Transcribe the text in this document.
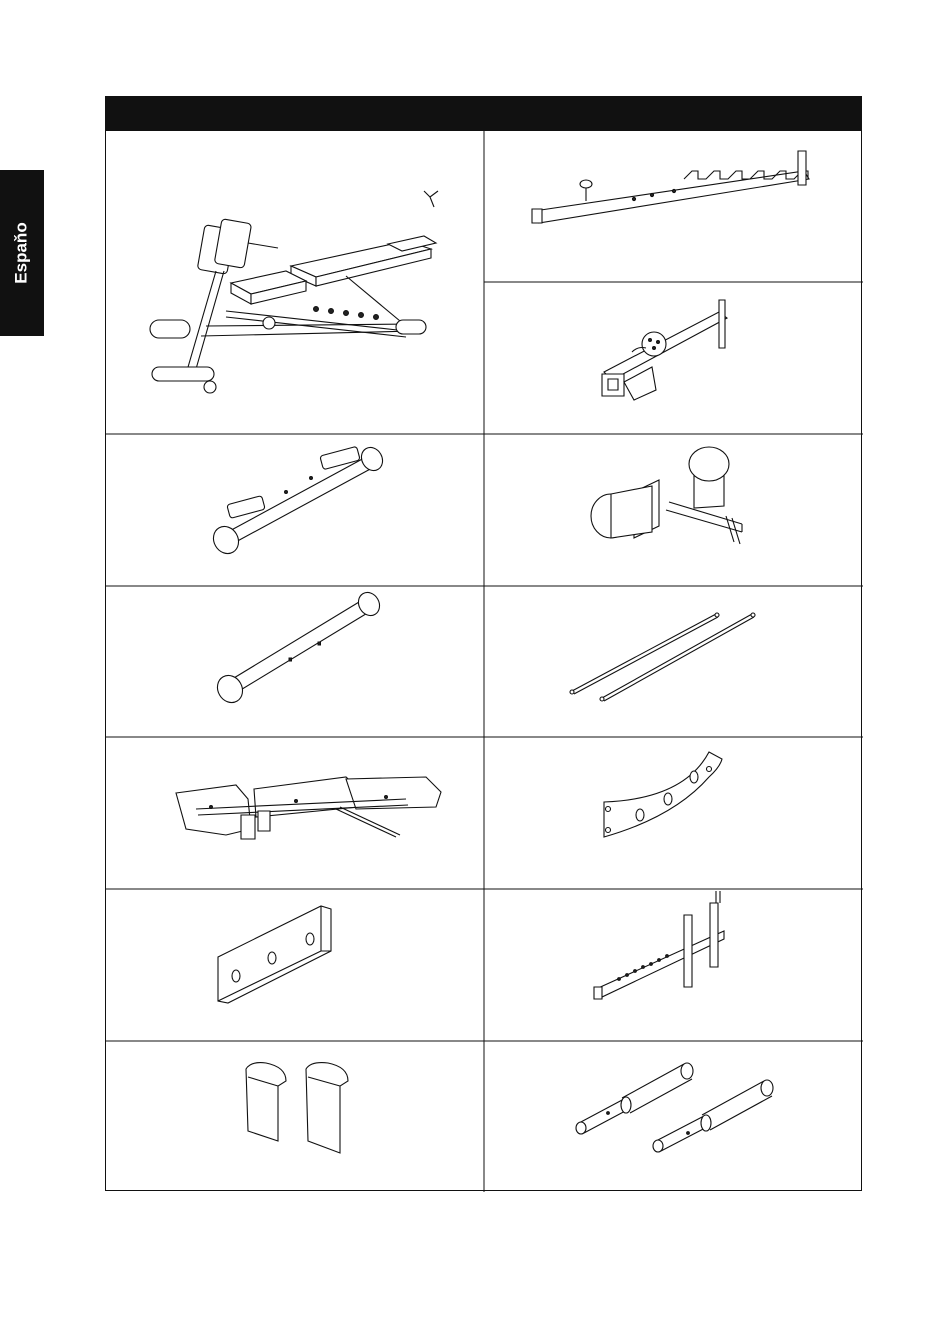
Espaňo
